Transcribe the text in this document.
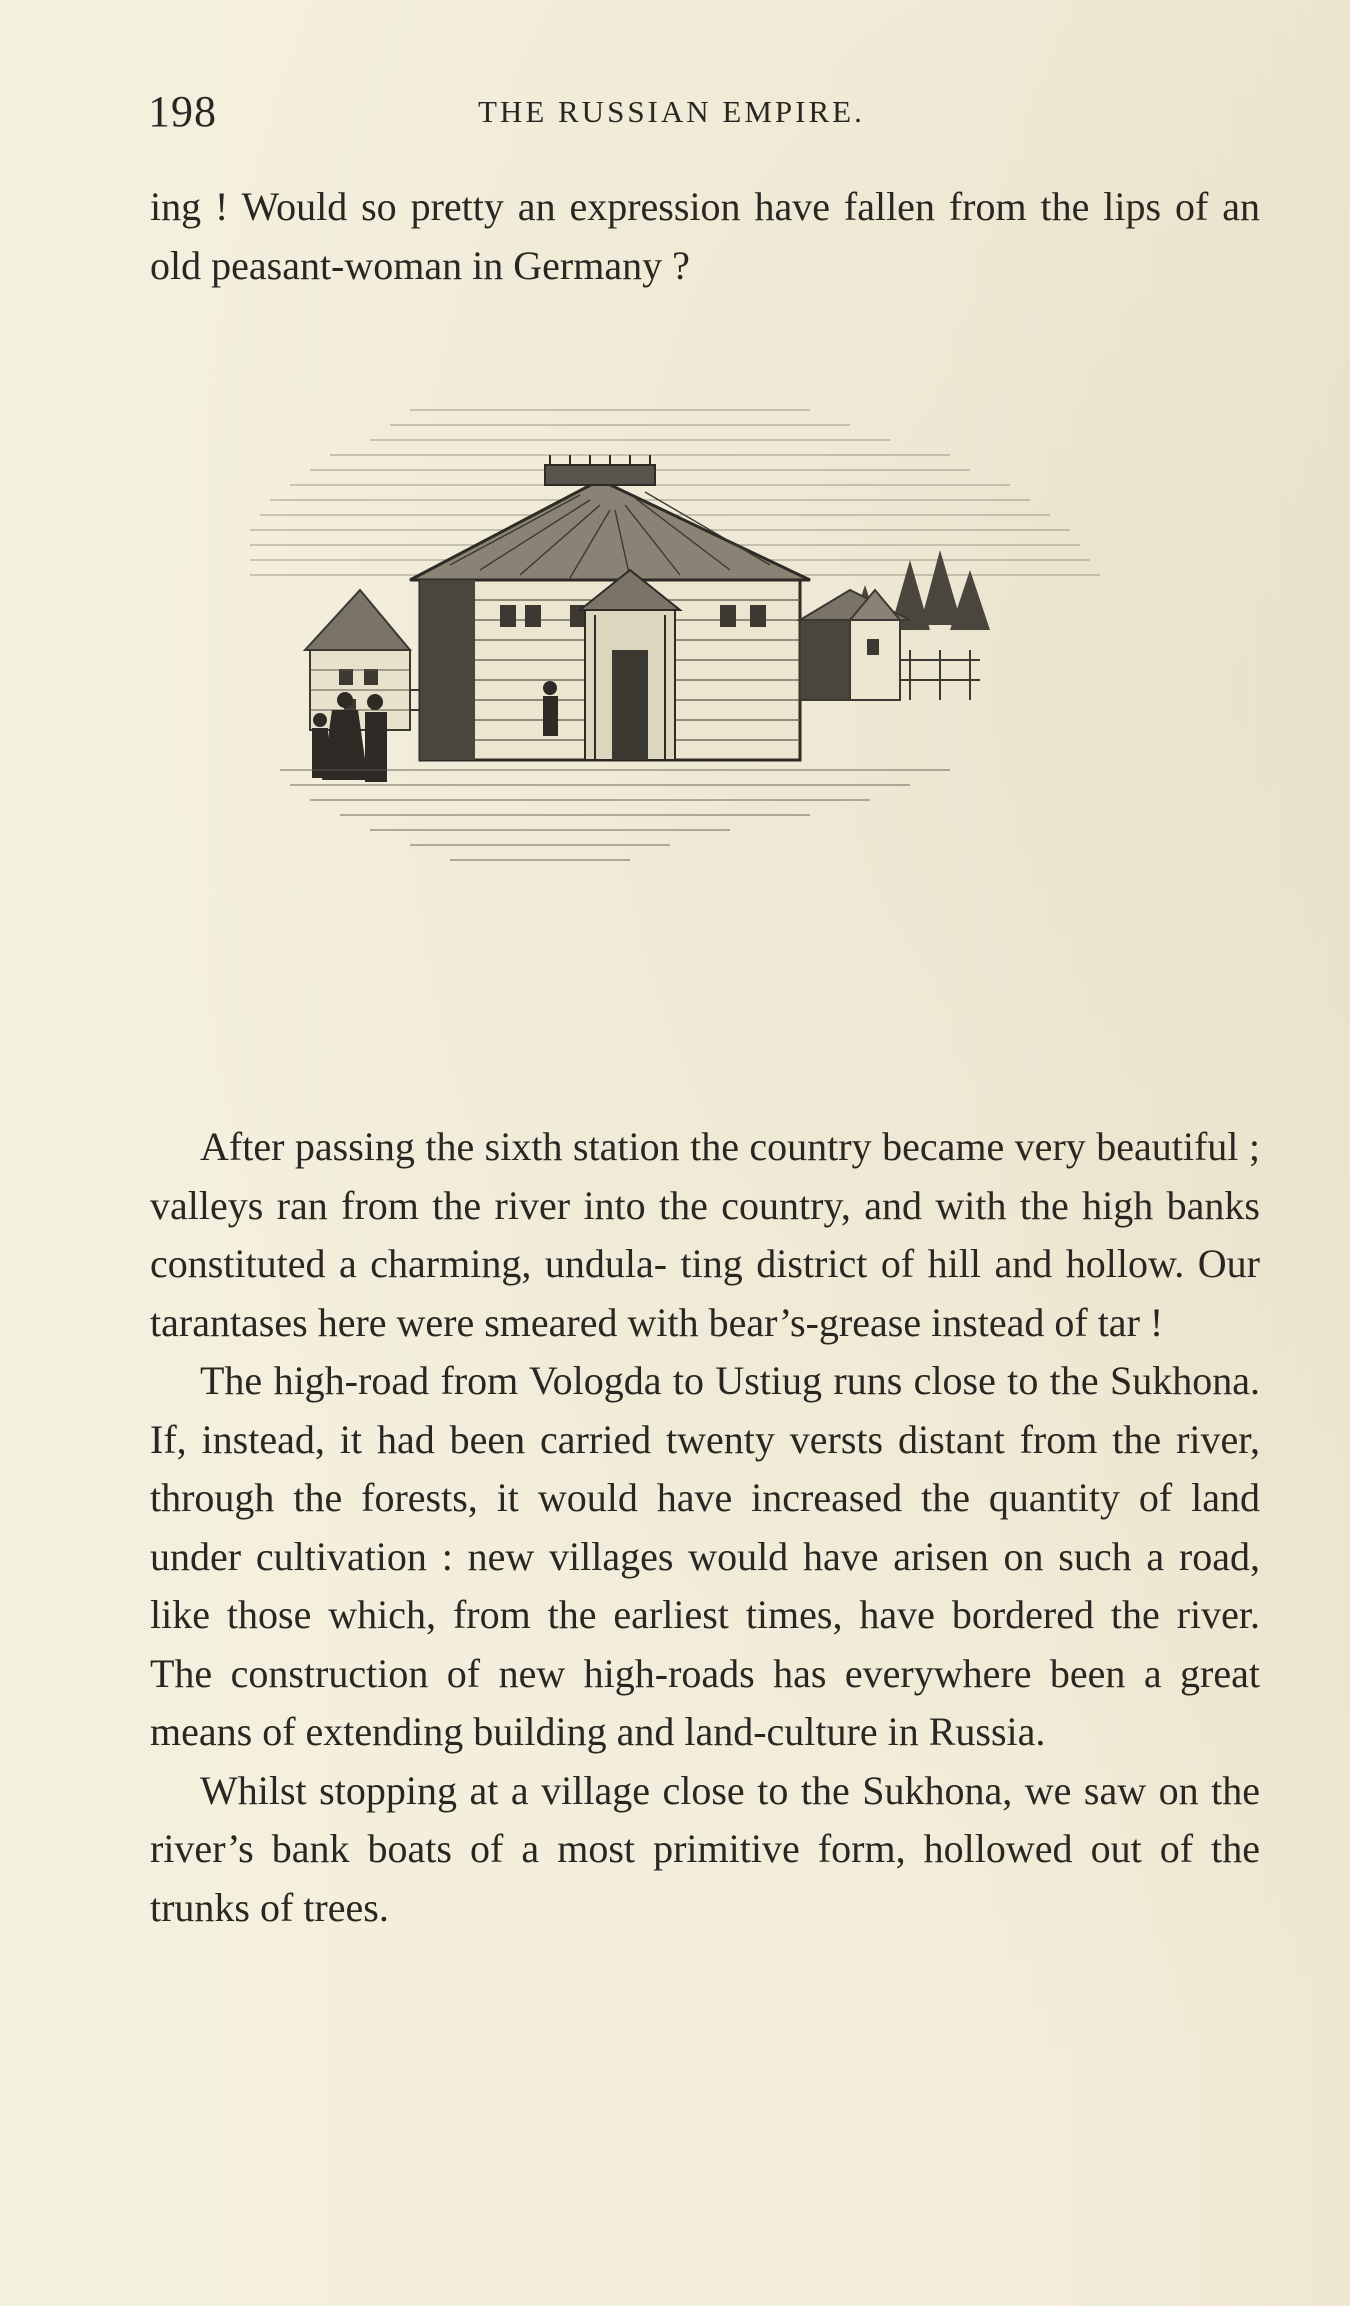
198	THE RUSSIAN EMPIRE.

ing ! Would so pretty an expression have fallen from the lips of an old peasant-woman in Germany ?

After passing the sixth station the country became very beautiful ; valleys ran from the river into the country, and with the high banks constituted a charming, undula- ting district of hill and hollow. Our tarantases here were smeared with bear’s-grease instead of tar !

The high-road from Vologda to Ustiug runs close to the Sukhona. If, instead, it had been carried twenty versts distant from the river, through the forests, it would have increased the quantity of land under cultivation : new villages would have arisen on such a road, like those which, from the earliest times, have bordered the river. The construction of new high-roads has everywhere been a great means of extending building and land-culture in Russia.

Whilst stopping at a village close to the Sukhona, we saw on the river’s bank boats of a most primitive form, hollowed out of the trunks of trees.
